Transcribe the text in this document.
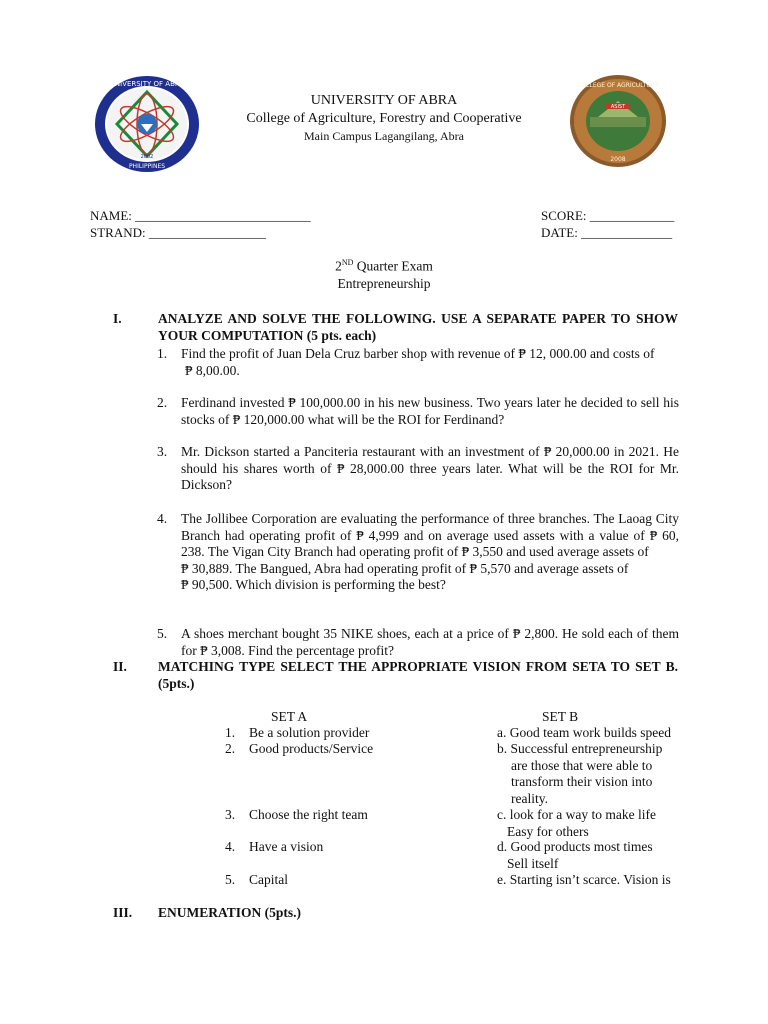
UNIVERSITY OF ABRA
PHILIPPINES
2002
ASIST
COLLEGE OF AGRICULTURE
2008
UNIVERSITY OF ABRA
College of Agriculture, Forestry and Cooperative
Main Campus Lagangilang, Abra
NAME: ___________________________
STRAND: __________________
SCORE: _____________
DATE: ______________
2ND Quarter Exam
Entrepreneurship
I.	ANALYZE AND SOLVE THE FOLLOWING. USE A SEPARATE PAPER TO SHOW YOUR COMPUTATION (5 pts. each)
1. Find the profit of Juan Dela Cruz barber shop with revenue of ₱ 12, 000.00 and costs of
₱ 8,00.00.
2. Ferdinand invested ₱ 100,000.00 in his new business. Two years later he decided to sell his stocks of ₱ 120,000.00 what will be the ROI for Ferdinand?
3. Mr. Dickson started a Panciteria restaurant with an investment of ₱ 20,000.00 in 2021. He should his shares worth of ₱ 28,000.00 three years later. What will be the ROI for Mr. Dickson?
4. The Jollibee Corporation are evaluating the performance of three branches. The Laoag City Branch had operating profit of ₱ 4,999 and on average used assets with a value of ₱ 60, 238. The Vigan City Branch had operating profit of ₱ 3,550 and used average assets of
₱ 30,889. The Bangued, Abra had operating profit of ₱ 5,570 and average assets of
₱ 90,500. Which division is performing the best?
5. A shoes merchant bought 35 NIKE shoes, each at a price of ₱ 2,800. He sold each of them for ₱ 3,008. Find the percentage profit?
II. MATCHING TYPE SELECT THE APPROPRIATE VISION FROM SETA TO SET B. (5pts.)
SET A	SET B
1. Be a solution provider
2. Good products/Service
3. Choose the right team
4. Have a vision
5. Capital
a. Good team work builds speed
b. Successful entrepreneurship
are those that were able to
transform their vision into
reality.
c. look for a way to make life
Easy for others
d. Good products most times
Sell itself
e. Starting isn’t scarce. Vision is
III. ENUMERATION (5pts.)
